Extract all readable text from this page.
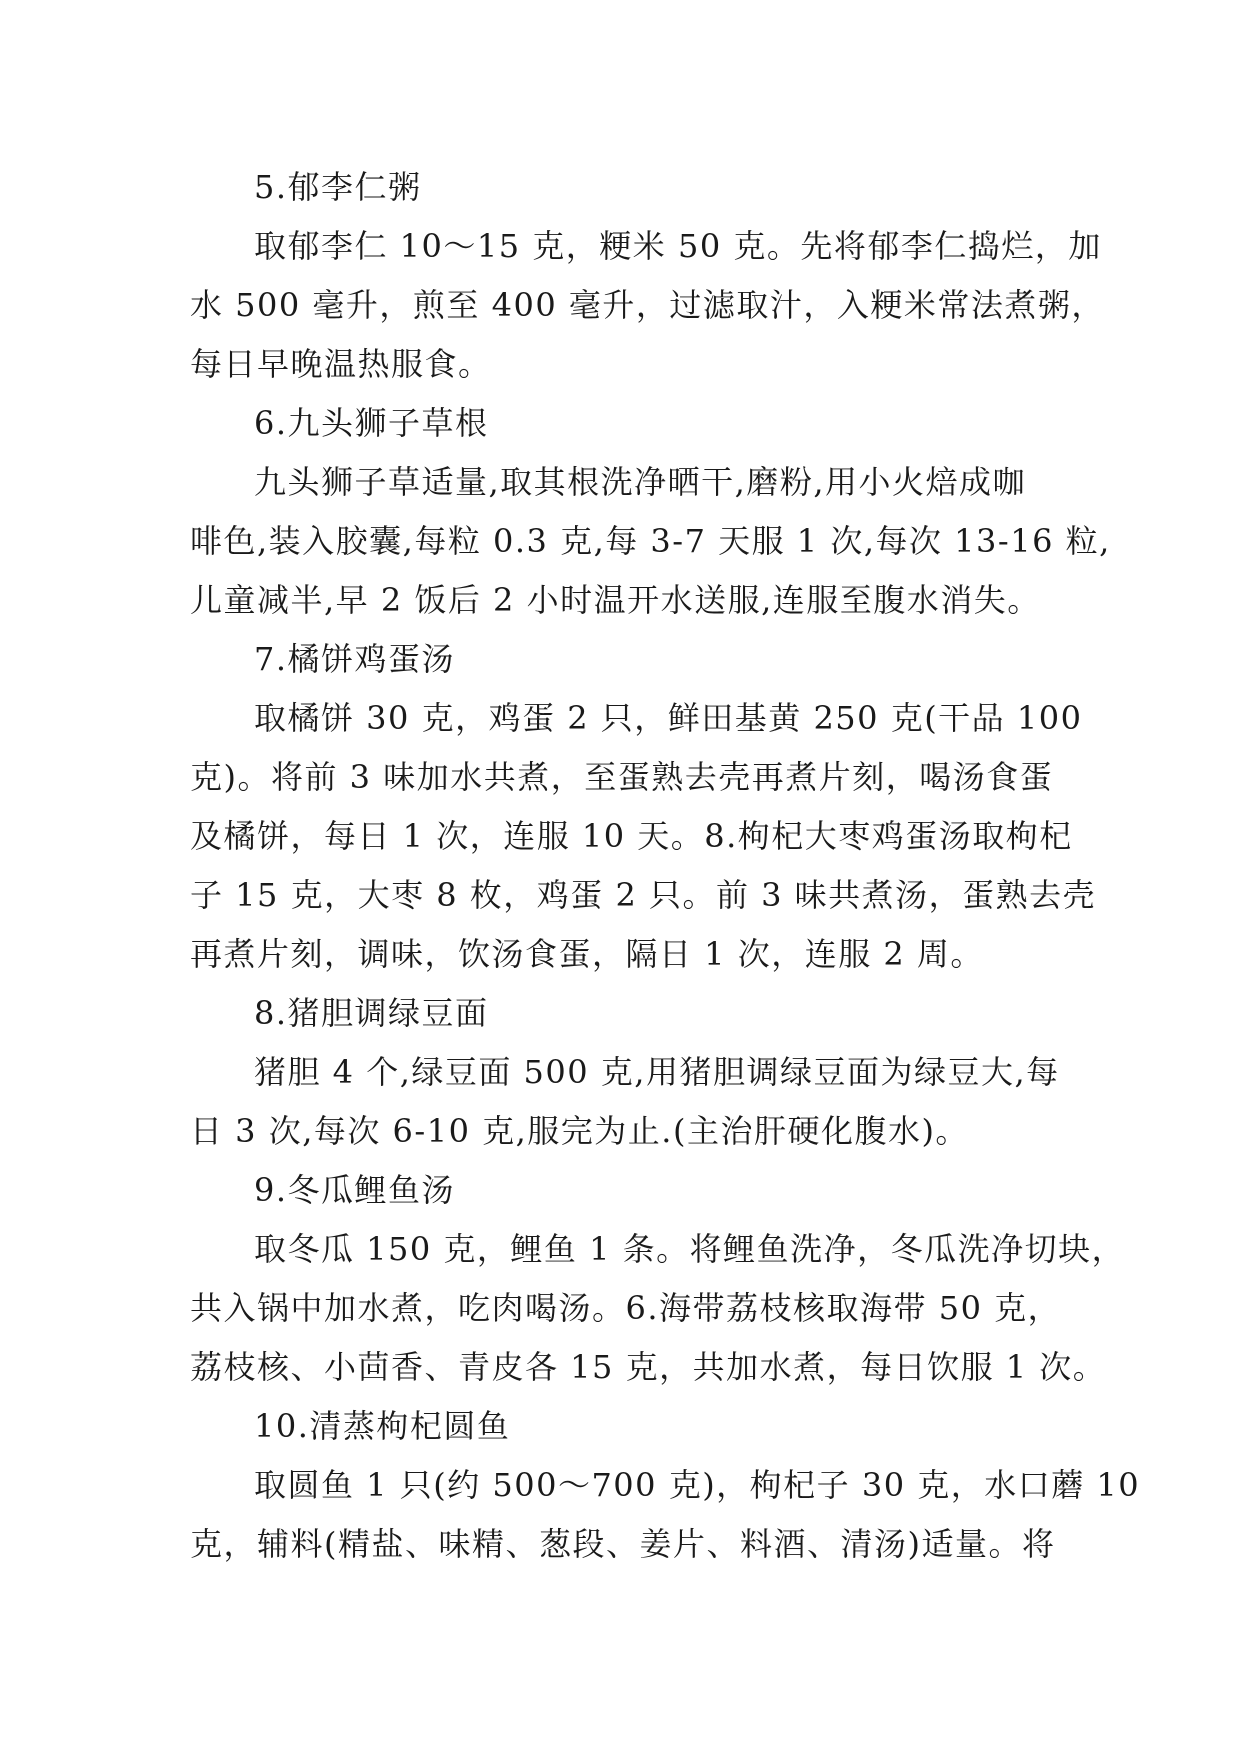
5.郁李仁粥
取郁李仁 10～15 克，粳米 50 克。先将郁李仁捣烂，加
水 500 毫升，煎至 400 毫升，过滤取汁，入粳米常法煮粥，
每日早晚温热服食。
6.九头狮子草根
九头狮子草适量,取其根洗净晒干,磨粉,用小火焙成咖
啡色,装入胶囊,每粒 0.3 克,每 3-7 天服 1 次,每次 13-16 粒,
儿童减半,早 2 饭后 2 小时温开水送服,连服至腹水消失。
7.橘饼鸡蛋汤
取橘饼 30 克，鸡蛋 2 只，鲜田基黄 250 克(干品 100
克)。将前 3 味加水共煮，至蛋熟去壳再煮片刻，喝汤食蛋
及橘饼，每日 1 次，连服 10 天。8.枸杞大枣鸡蛋汤取枸杞
子 15 克，大枣 8 枚，鸡蛋 2 只。前 3 味共煮汤，蛋熟去壳
再煮片刻，调味，饮汤食蛋，隔日 1 次，连服 2 周。
8.猪胆调绿豆面
猪胆 4 个,绿豆面 500 克,用猪胆调绿豆面为绿豆大,每
日 3 次,每次 6-10 克,服完为止.(主治肝硬化腹水)。
9.冬瓜鲤鱼汤
取冬瓜 150 克，鲤鱼 1 条。将鲤鱼洗净，冬瓜洗净切块，
共入锅中加水煮，吃肉喝汤。6.海带荔枝核取海带 50 克，
荔枝核、小茴香、青皮各 15 克，共加水煮，每日饮服 1 次。
10.清蒸枸杞圆鱼
取圆鱼 1 只(约 500～700 克)，枸杞子 30 克，水口蘑 10
克，辅料(精盐、味精、葱段、姜片、料酒、清汤)适量。将
